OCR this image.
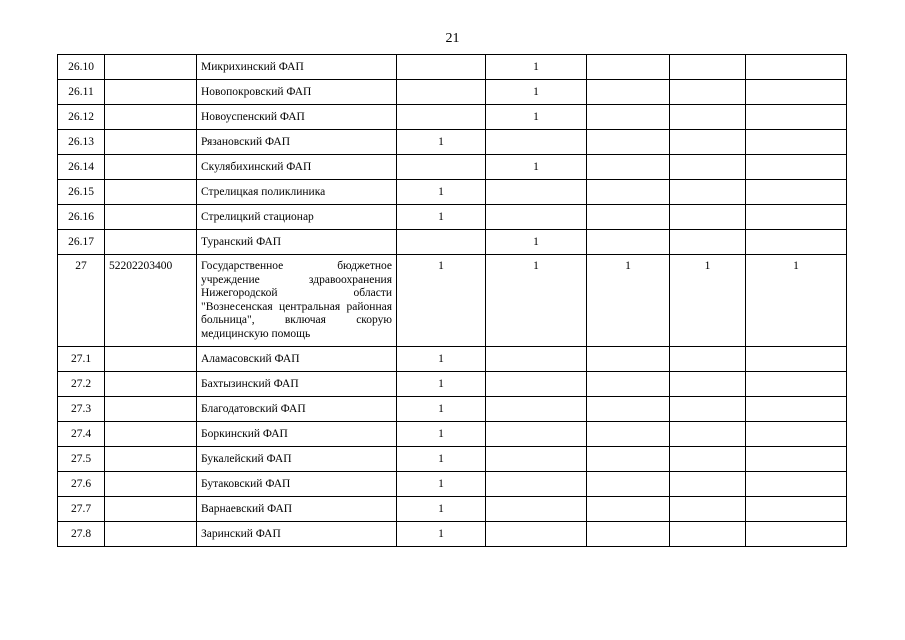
21
26.10		Микрихинский ФАП		1			
26.11		Новопокровский ФАП		1			
26.12		Новоуспенский ФАП		1			
26.13		Рязановский ФАП	1				
26.14		Скулябихинский ФАП		1			
26.15		Стрелицкая поликлиника	1				
26.16		Стрелицкий стационар	1				
26.17		Туранский ФАП		1			
27	52202203400	Государственное бюджетное учреждение здравоохранения Нижегородской области "Вознесенская центральная районная больница", включая скорую медицинскую помощь	1	1	1	1	1
27.1		Аламасовский ФАП	1				
27.2		Бахтызинский ФАП	1				
27.3		Благодатовский ФАП	1				
27.4		Боркинский ФАП	1				
27.5		Букалейский ФАП	1				
27.6		Бутаковский ФАП	1				
27.7		Варнаевский ФАП	1				
27.8		Заринский ФАП	1				
